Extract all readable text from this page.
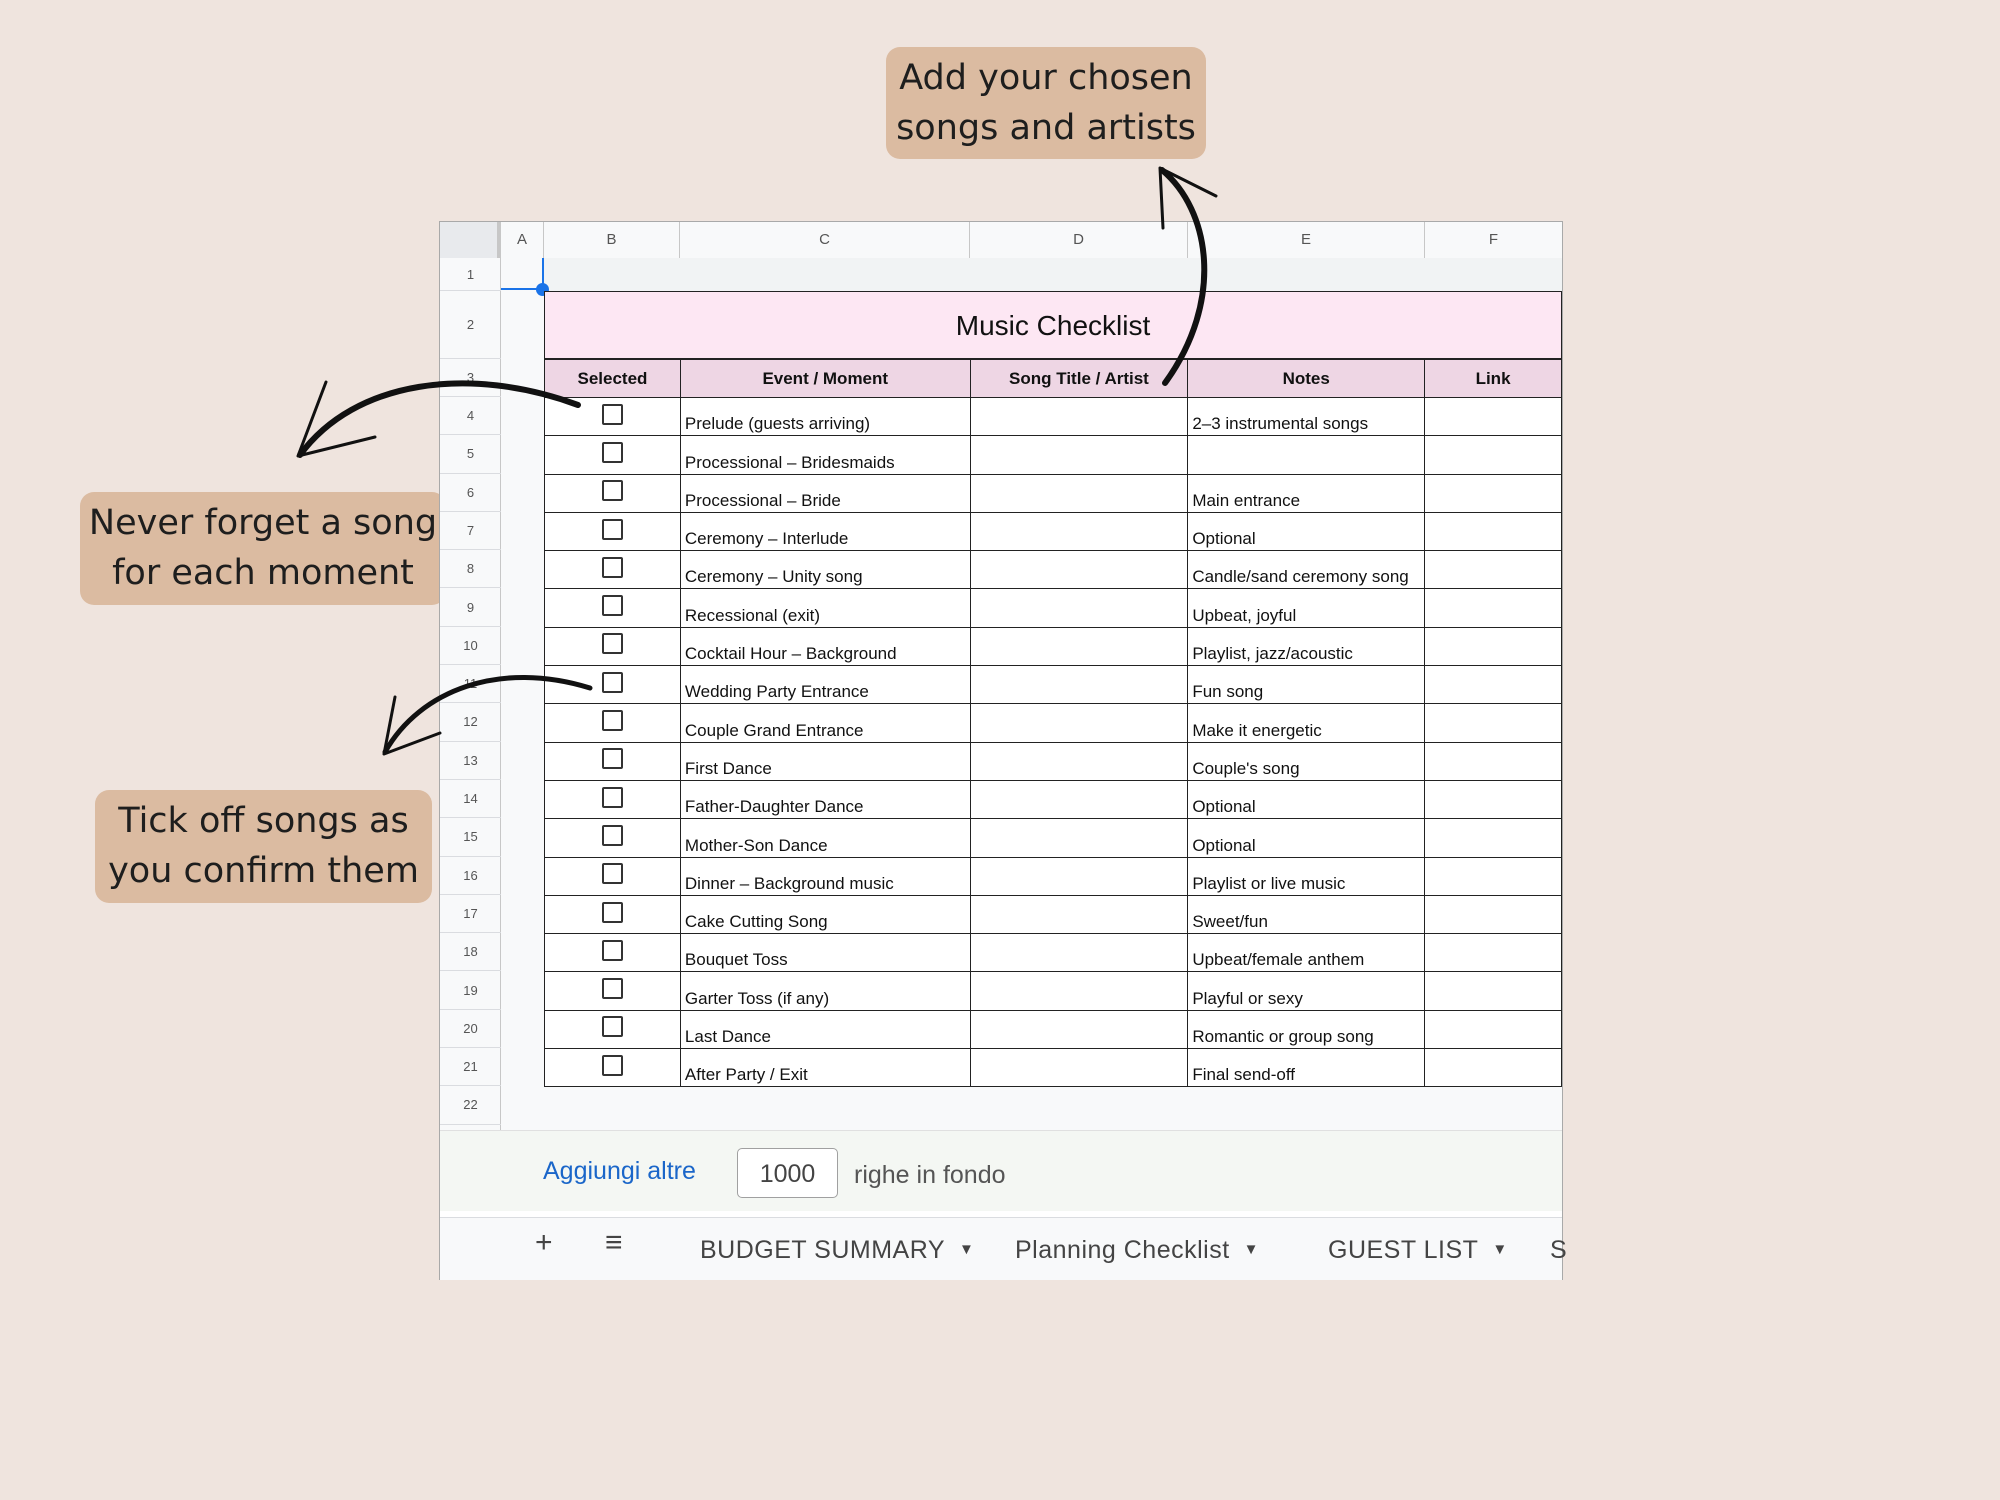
Add your chosen
songs and artists
Never forget a song
for each moment
Tick off songs as
you confirm them
A	B	C	D	E	F
1
2
3
4
5
6
7
8
9
10
11
12
13
14
15
16
17
18
19
20
21
22
Music Checklist
Selected	Event / Moment	Song Title / Artist	Notes	Link
	Prelude (guests arriving)		2–3 instrumental songs	
	Processional – Bridesmaids			
	Processional – Bride		Main entrance	
	Ceremony – Interlude		Optional	
	Ceremony – Unity song		Candle/sand ceremony song	
	Recessional (exit)		Upbeat, joyful	
	Cocktail Hour – Background		Playlist, jazz/acoustic	
	Wedding Party Entrance		Fun song	
	Couple Grand Entrance		Make it energetic	
	First Dance		Couple's song	
	Father-Daughter Dance		Optional	
	Mother-Son Dance		Optional	
	Dinner – Background music		Playlist or live music	
	Cake Cutting Song		Sweet/fun	
	Bouquet Toss		Upbeat/female anthem	
	Garter Toss (if any)		Playful or sexy	
	Last Dance		Romantic or group song	
	After Party / Exit		Final send-off	
Aggiungi altre	1000	righe in fondo
+ ≡	BUDGET SUMMARY ▼ Planning Checklist ▼	GUEST LIST ▼ S
